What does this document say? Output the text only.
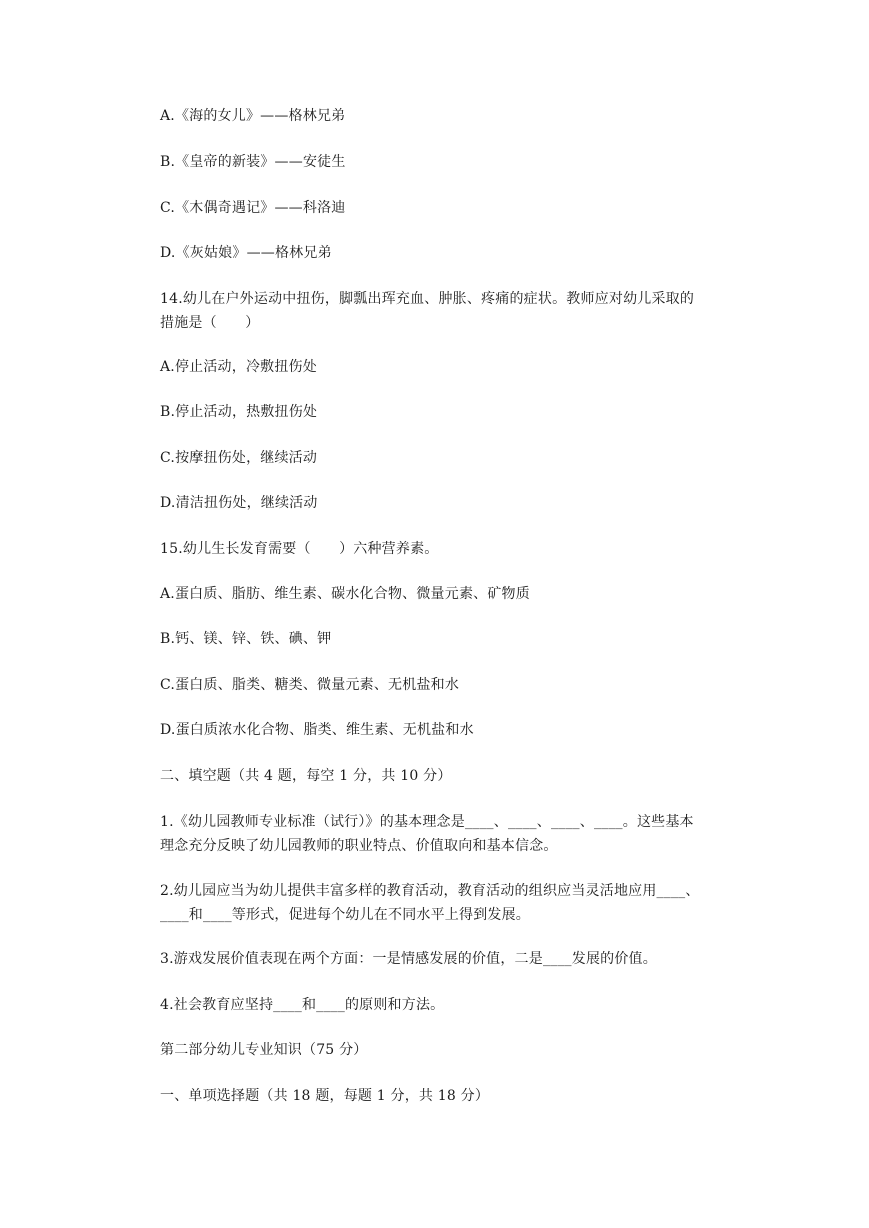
A.《海的女儿》——格林兄弟
B.《皇帝的新装》——安徒生
C.《木偶奇遇记》——科洛迪
D.《灰姑娘》——格林兄弟
14.幼儿在户外运动中扭伤，脚瓢出珲充血、肿胀、疼痛的症状。教师应对幼儿采取的
措施是（　　）
A.停止活动，冷敷扭伤处
B.停止活动，热敷扭伤处
C.按摩扭伤处，继续活动
D.清洁扭伤处，继续活动
15.幼儿生长发育需要（　　）六种营养素。
A.蛋白质、脂肪、维生素、碳水化合物、微量元素、矿物质
B.钙、镁、锌、铁、碘、钾
C.蛋白质、脂类、糖类、微量元素、无机盐和水
D.蛋白质浓水化合物、脂类、维生素、无机盐和水
二、填空题（共 4 题，每空 1 分，共 10 分）
1.《幼儿园教师专业标准（试行）》的基本理念是____、____、____、____。这些基本
理念充分反映了幼儿园教师的职业特点、价值取向和基本信念。
2.幼儿园应当为幼儿提供丰富多样的教育活动，教育活动的组织应当灵活地应用____、
____和____等形式，促进每个幼儿在不同水平上得到发展。
3.游戏发展价值表现在两个方面：一是情感发展的价值，二是____发展的价值。
4.社会教育应坚持____和____的原则和方法。
第二部分幼儿专业知识（75 分）
一、单项选择题（共 18 题，每题 1 分，共 18 分）
